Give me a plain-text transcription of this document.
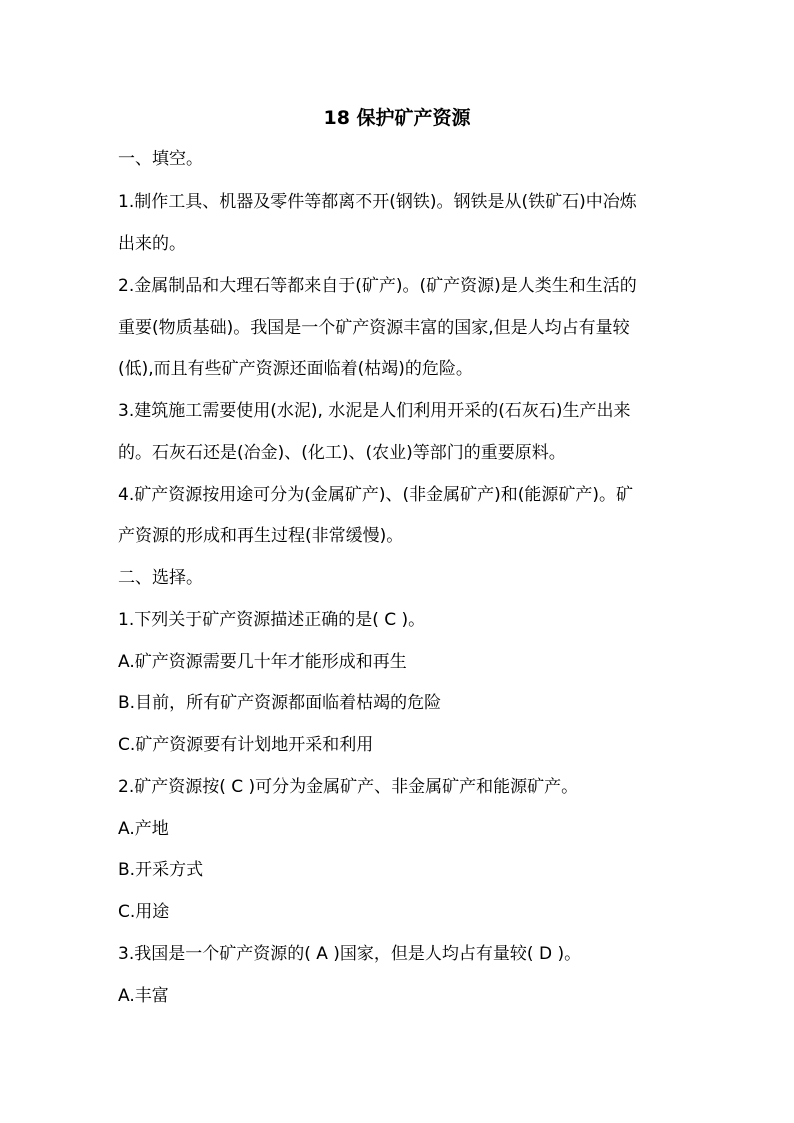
18 保护矿产资源
一、填空。
1.制作工具、机器及零件等都离不开(钢铁)。钢铁是从(铁矿石)中冶炼
出来的。
2.金属制品和大理石等都来自于(矿产)。(矿产资源)是人类生和生活的
重要(物质基础)。我国是一个矿产资源丰富的国家,但是人均占有量较
(低),而且有些矿产资源还面临着(枯竭)的危险。
3.建筑施工需要使用(水泥), 水泥是人们利用开采的(石灰石)生产出来
的。石灰石还是(冶金)、(化工)、(农业)等部门的重要原料。
4.矿产资源按用途可分为(金属矿产)、(非金属矿产)和(能源矿产)。矿
产资源的形成和再生过程(非常缓慢)。
二、选择。
1.下列关于矿产资源描述正确的是( C )。
A.矿产资源需要几十年才能形成和再生
B.目前，所有矿产资源都面临着枯竭的危险
C.矿产资源要有计划地开采和利用
2.矿产资源按( C )可分为金属矿产、非金属矿产和能源矿产。
A.产地
B.开采方式
C.用途
3.我国是一个矿产资源的( A )国家，但是人均占有量较( D )。
A.丰富
